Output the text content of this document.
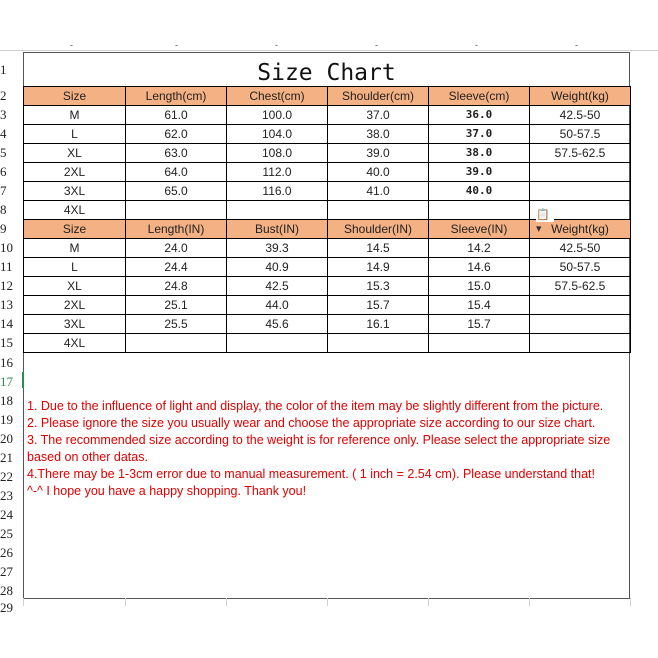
-	-	-	-	-	-
1
2
3
4
5
6
7
8
9
10
11
12
13
14
15
16
17
18
19
20
21
22
23
24
25
26
27
28
29
Size Chart
Size	Length(cm)	Chest(cm)	Shoulder(cm)	Sleeve(cm)	Weight(kg)
M	61.0	100.0	37.0	36.0	42.5-50
L	62.0	104.0	38.0	37.0	50-57.5
XL	63.0	108.0	39.0	38.0	57.5-62.5
2XL	64.0	112.0	40.0	39.0	
3XL	65.0	116.0	41.0	40.0	
4XL					
Size	Length(IN)	Bust(IN)	Shoulder(IN)	Sleeve(IN)	Weight(kg)
M	24.0	39.3	14.5	14.2	42.5-50
L	24.4	40.9	14.9	14.6	50-57.5
XL	24.8	42.5	15.3	15.0	57.5-62.5
2XL	25.1	44.0	15.7	15.4	
3XL	25.5	45.6	16.1	15.7	
4XL					
📋▾
1. Due to the influence of light and display, the color of the item may be slightly different from the picture.
2. Please ignore the size you usually wear and choose the appropriate size according to our size chart.
3. The recommended size according to the weight is for reference only. Please select the appropriate size based on other datas.
4.There may be 1-3cm error due to manual measurement. ( 1 inch = 2.54 cm). Please understand that!
^-^ I hope you have a happy shopping. Thank you!
